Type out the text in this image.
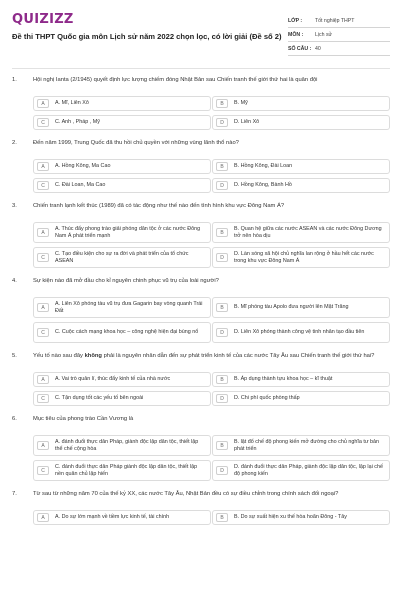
QUIZIZZ
Đề thi THPT Quốc gia môn Lịch sử năm 2022 chọn lọc, có lời giải (Đề số 2)
LỚP :	Tốt nghiệp THPT
MÔN :	Lịch sử
SỐ CÂU : 40
1.	Hội nghị Ianta (2/1945) quyết định lực lượng chiếm đóng Nhật Bản sau Chiến tranh thế giới thứ hai là quân đội
A	A. Mĩ, Liên Xô	B	B. Mỹ
C	C. Anh , Pháp , Mỹ	D	D. Liên Xô
2.	Đến năm 1999, Trung Quốc đã thu hồi chủ quyền với những vùng lãnh thổ nào?
A	A. Hồng Kông, Ma Cao	B	B. Hồng Kông, Đài Loan
C	C. Đài Loan, Ma Cao	D	D. Hồng Kông, Bành Hồ
3.	Chiến tranh lạnh kết thúc (1989) đã có tác động như thế nào đến tình hình khu vực Đông Nam Á?
A
A. Thúc đẩy phong trào giải phóng dân tộc ở các nước Đông Nam Á phát triển mạnh	B
B. Quan hệ giữa các nước ASEAN và các nước Đông Dương trở nên hòa dịu
C
C. Tạo điều kiện cho sự ra đời và phát triển của tổ chức ASEAN	D
D. Làn sóng xã hội chủ nghĩa lan rộng ở hầu hết các nước trong khu vực Đông Nam Á
4.	Sự kiện nào đã mở đầu cho kỉ nguyên chinh phục vũ trụ của loài người?
A
A. Liên Xô phóng tàu vũ trụ đưa Gagarin bay vòng quanh Trái Đất	B	B. Mĩ phóng tàu Apolo đưa người lên Mặt Trăng
C	C. Cuộc cách mạng khoa học – công nghệ hiện đại bùng nổ	D	D. Liên Xô phóng thành công vệ tinh nhân tạo đầu tiên
5.	Yếu tố nào sau đây không phải là nguyên nhân dẫn đến sự phát triển kinh tế của các nước Tây Âu sau Chiến tranh thế giới thứ hai?
A	A. Vai trò quản lí, thúc đẩy kinh tế của nhà nước	B	B. Áp dụng thành tựu khoa học – kĩ thuật
C	C. Tận dụng tốt các yếu tố bên ngoài	D	D. Chi phí quốc phòng thấp
6.	Mục tiêu của phong trào Cần Vương là
A
A. đánh đuổi thực dân Pháp, giành độc lập dân tộc, thiết lập thể chế cộng hòa	B
B. lật đổ chế độ phong kiến mở đường cho chủ nghĩa tư bản phát triển
C
C. đánh đuổi thực dân Pháp giành độc lập dân tộc, thiết lập nền quân chủ lập hiến	D
D. đánh đuổi thực dân Pháp, giành độc lập dân tộc, lập lại chế độ phong kiến
7.	Từ sau từ những năm 70 của thế kỷ XX, các nước Tây Âu, Nhật Bản đều có sự điều chỉnh trong chính sách đối ngoại?
A	A. Do sự lớn mạnh về tiềm lực kinh tế, tài chính	B	B. Do sự xuất hiện xu thế hòa hoãn Đông - Tây
